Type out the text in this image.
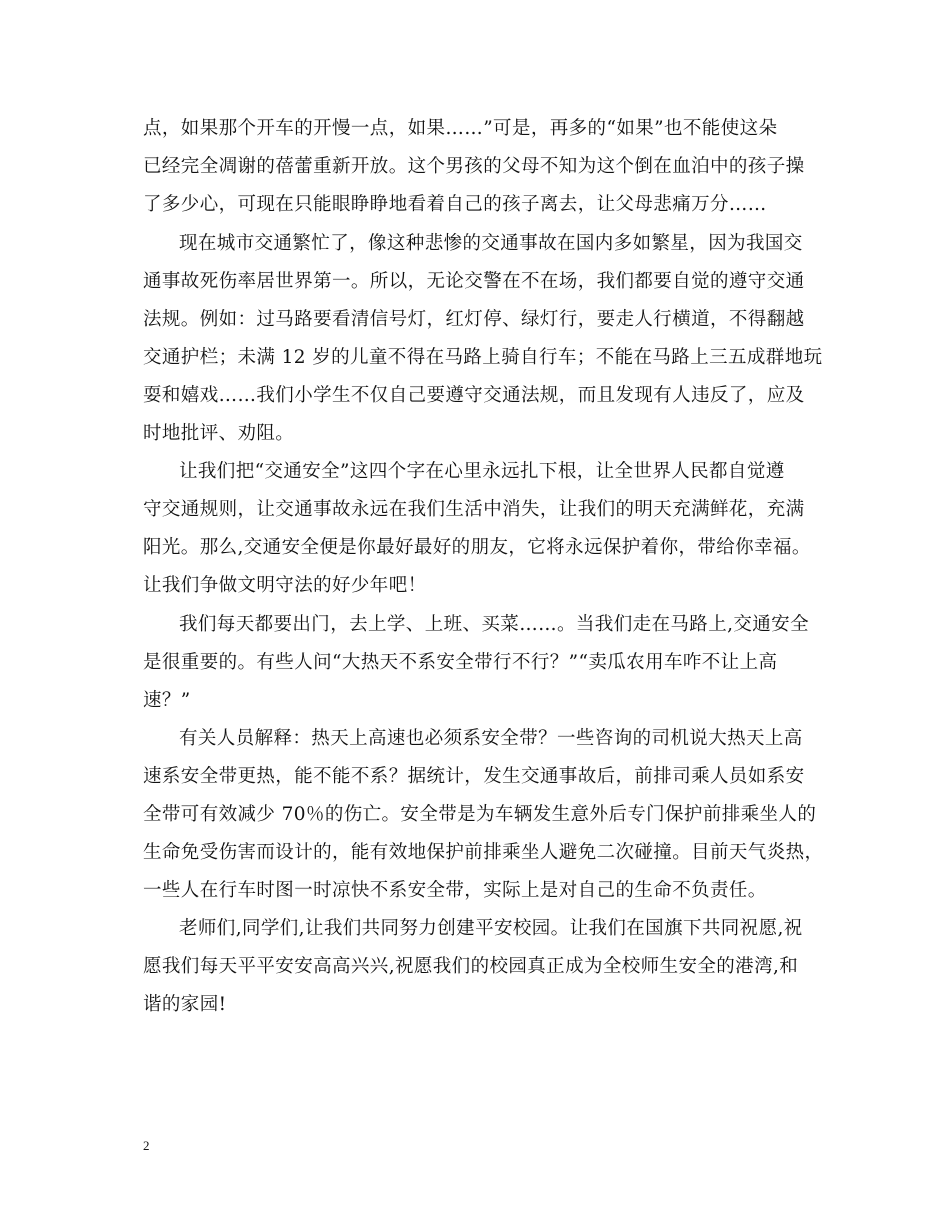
点，如果那个开车的开慢一点，如果……”可是，再多的“如果”也不能使这朵
已经完全凋谢的蓓蕾重新开放。这个男孩的父母不知为这个倒在血泊中的孩子操
了多少心，可现在只能眼睁睁地看着自己的孩子离去，让父母悲痛万分……
现在城市交通繁忙了，像这种悲惨的交通事故在国内多如繁星，因为我国交
通事故死伤率居世界第一。所以，无论交警在不在场，我们都要自觉的遵守交通
法规。例如：过马路要看清信号灯，红灯停、绿灯行，要走人行横道，不得翻越
交通护栏；未满 12 岁的儿童不得在马路上骑自行车；不能在马路上三五成群地玩
耍和嬉戏……我们小学生不仅自己要遵守交通法规，而且发现有人违反了，应及
时地批评、劝阻。
让我们把“交通安全”这四个字在心里永远扎下根，让全世界人民都自觉遵
守交通规则，让交通事故永远在我们生活中消失，让我们的明天充满鲜花，充满
阳光。那么,交通安全便是你最好最好的朋友，它将永远保护着你，带给你幸福。
让我们争做文明守法的好少年吧！
我们每天都要出门，去上学、上班、买菜……。当我们走在马路上,交通安全
是很重要的。有些人问“大热天不系安全带行不行？”“卖瓜农用车咋不让上高
速？”
有关人员解释：热天上高速也必须系安全带？一些咨询的司机说大热天上高
速系安全带更热，能不能不系？据统计，发生交通事故后，前排司乘人员如系安
全带可有效减少 70％的伤亡。安全带是为车辆发生意外后专门保护前排乘坐人的
生命免受伤害而设计的，能有效地保护前排乘坐人避免二次碰撞。目前天气炎热，
一些人在行车时图一时凉快不系安全带，实际上是对自己的生命不负责任。
老师们,同学们,让我们共同努力创建平安校园。让我们在国旗下共同祝愿,祝
愿我们每天平平安安高高兴兴,祝愿我们的校园真正成为全校师生安全的港湾,和
谐的家园!
2
